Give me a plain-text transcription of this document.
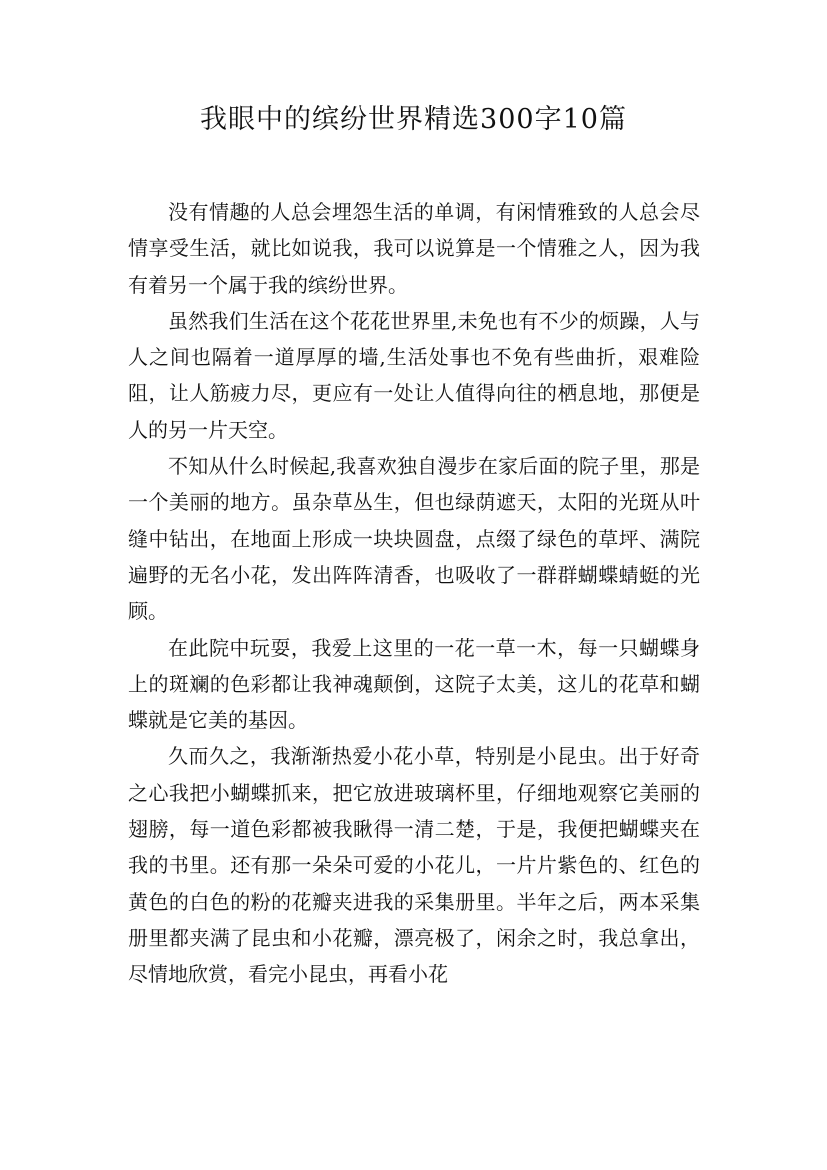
我眼中的缤纷世界精选300字10篇

没有情趣的人总会埋怨生活的单调，有闲情雅致的人总会尽情享受生活，就比如说我，我可以说算是一个情雅之人，因为我有着另一个属于我的缤纷世界。

虽然我们生活在这个花花世界里,未免也有不少的烦躁，人与人之间也隔着一道厚厚的墙,生活处事也不免有些曲折，艰难险阻，让人筋疲力尽，更应有一处让人值得向往的栖息地，那便是人的另一片天空。

不知从什么时候起,我喜欢独自漫步在家后面的院子里，那是一个美丽的地方。虽杂草丛生，但也绿荫遮天，太阳的光斑从叶缝中钻出，在地面上形成一块块圆盘，点缀了绿色的草坪、满院遍野的无名小花，发出阵阵清香，也吸收了一群群蝴蝶蜻蜓的光顾。

在此院中玩耍，我爱上这里的一花一草一木，每一只蝴蝶身上的斑斓的色彩都让我神魂颠倒，这院子太美，这儿的花草和蝴蝶就是它美的基因。

久而久之，我渐渐热爱小花小草，特别是小昆虫。出于好奇之心我把小蝴蝶抓来，把它放进玻璃杯里，仔细地观察它美丽的翅膀，每一道色彩都被我瞅得一清二楚，于是，我便把蝴蝶夹在我的书里。还有那一朵朵可爱的小花儿，一片片紫色的、红色的黄色的白色的粉的花瓣夹进我的采集册里。半年之后，两本采集册里都夹满了昆虫和小花瓣，漂亮极了，闲余之时，我总拿出，尽情地欣赏，看完小昆虫，再看小花
